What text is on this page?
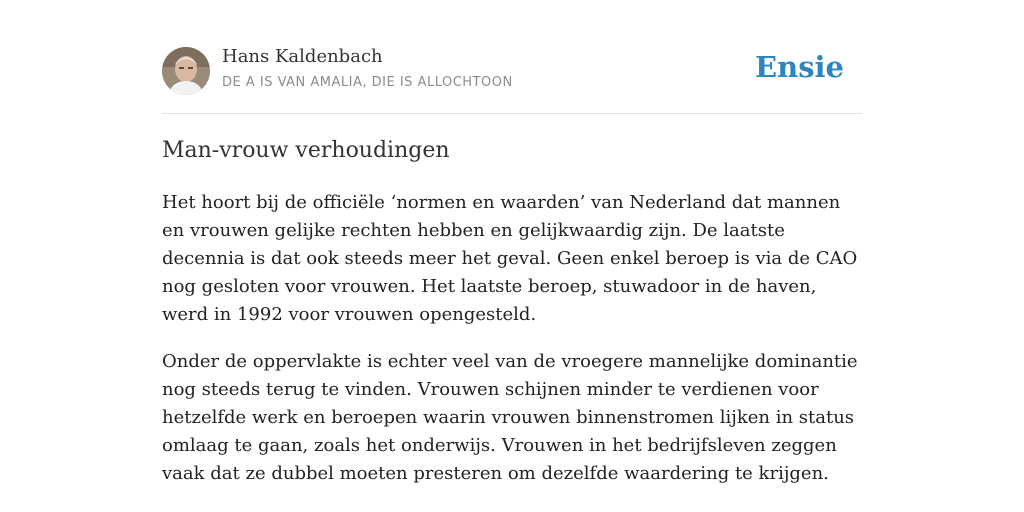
Hans Kaldenbach
DE A IS VAN AMALIA, DIE IS ALLOCHTOON	Ensie
Man-vrouw verhoudingen

Het hoort bij de officiële ‘normen en waarden’ van Nederland dat mannen en vrouwen gelijke rechten hebben en gelijkwaardig zijn. De laatste decennia is dat ook steeds meer het geval. Geen enkel beroep is via de CAO nog gesloten voor vrouwen. Het laatste beroep, stuwadoor in de haven, werd in 1992 voor vrouwen opengesteld.

Onder de oppervlakte is echter veel van de vroegere mannelijke dominantie nog steeds terug te vinden. Vrouwen schijnen minder te verdienen voor hetzelfde werk en beroepen waarin vrouwen binnenstromen lijken in status omlaag te gaan, zoals het onderwijs. Vrouwen in het bedrijfsleven zeggen vaak dat ze dubbel moeten presteren om dezelfde waardering te krijgen.
